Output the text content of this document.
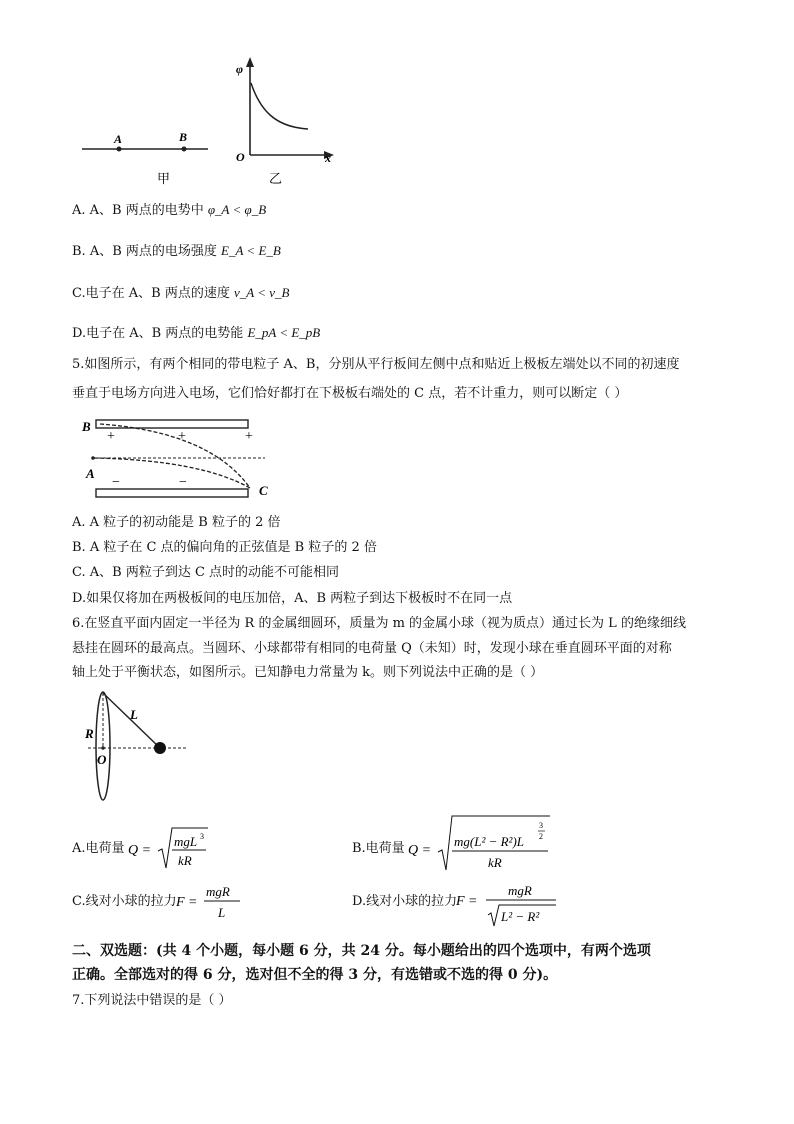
A	B
甲
φ
O	x
乙
A. A、B 两点的电势中 φ_A < φ_B
B. A、B 两点的电场强度 E_A < E_B
C.电子在 A、B 两点的速度 v_A < v_B
D.电子在 A、B 两点的电势能 E_pA < E_pB
5.如图所示，有两个相同的带电粒子 A、B，分别从平行板间左侧中点和贴近上极板左端处以不同的初速度
垂直于电场方向进入电场，它们恰好都打在下极板右端处的 C 点，若不计重力，则可以断定（ ）
B
+	+	+
A
−	−
C
A. A 粒子的初动能是 B 粒子的 2 倍
B. A 粒子在 C 点的偏向角的正弦值是 B 粒子的 2 倍
C. A、B 两粒子到达 C 点时的动能不可能相同
D.如果仅将加在两极板间的电压加倍，A、B 两粒子到达下极板时不在同一点
6.在竖直平面内固定一半径为 R 的金属细圆环，质量为 m 的金属小球（视为质点）通过长为 L 的绝缘细线
悬挂在圆环的最高点。当圆环、小球都带有相同的电荷量 Q（未知）时，发现小球在垂直圆环平面的对称
轴上处于平衡状态，如图所示。已知静电力常量为 k。则下列说法中正确的是（ ）
R
L
O
A.电荷量
Q = √(mgL³/kR)
Q =
mgL 3
kR
B.电荷量
Q = √(mg(L² − R²)^(3/2)/kR)
Q =
mg(L² − R²)L
3
2
kR
C.线对小球的拉力
F = mgR/L
F =
mgR
L
D.线对小球的拉力
F = mgR/√(L² − R²)
F =
mgR
L² − R²
二、双选题：(共 4 个小题，每小题 6 分，共 24 分。每小题给出的四个选项中，有两个选项
正确。全部选对的得 6 分，选对但不全的得 3 分，有选错或不选的得 0 分)。
7.下列说法中错误的是（ ）
